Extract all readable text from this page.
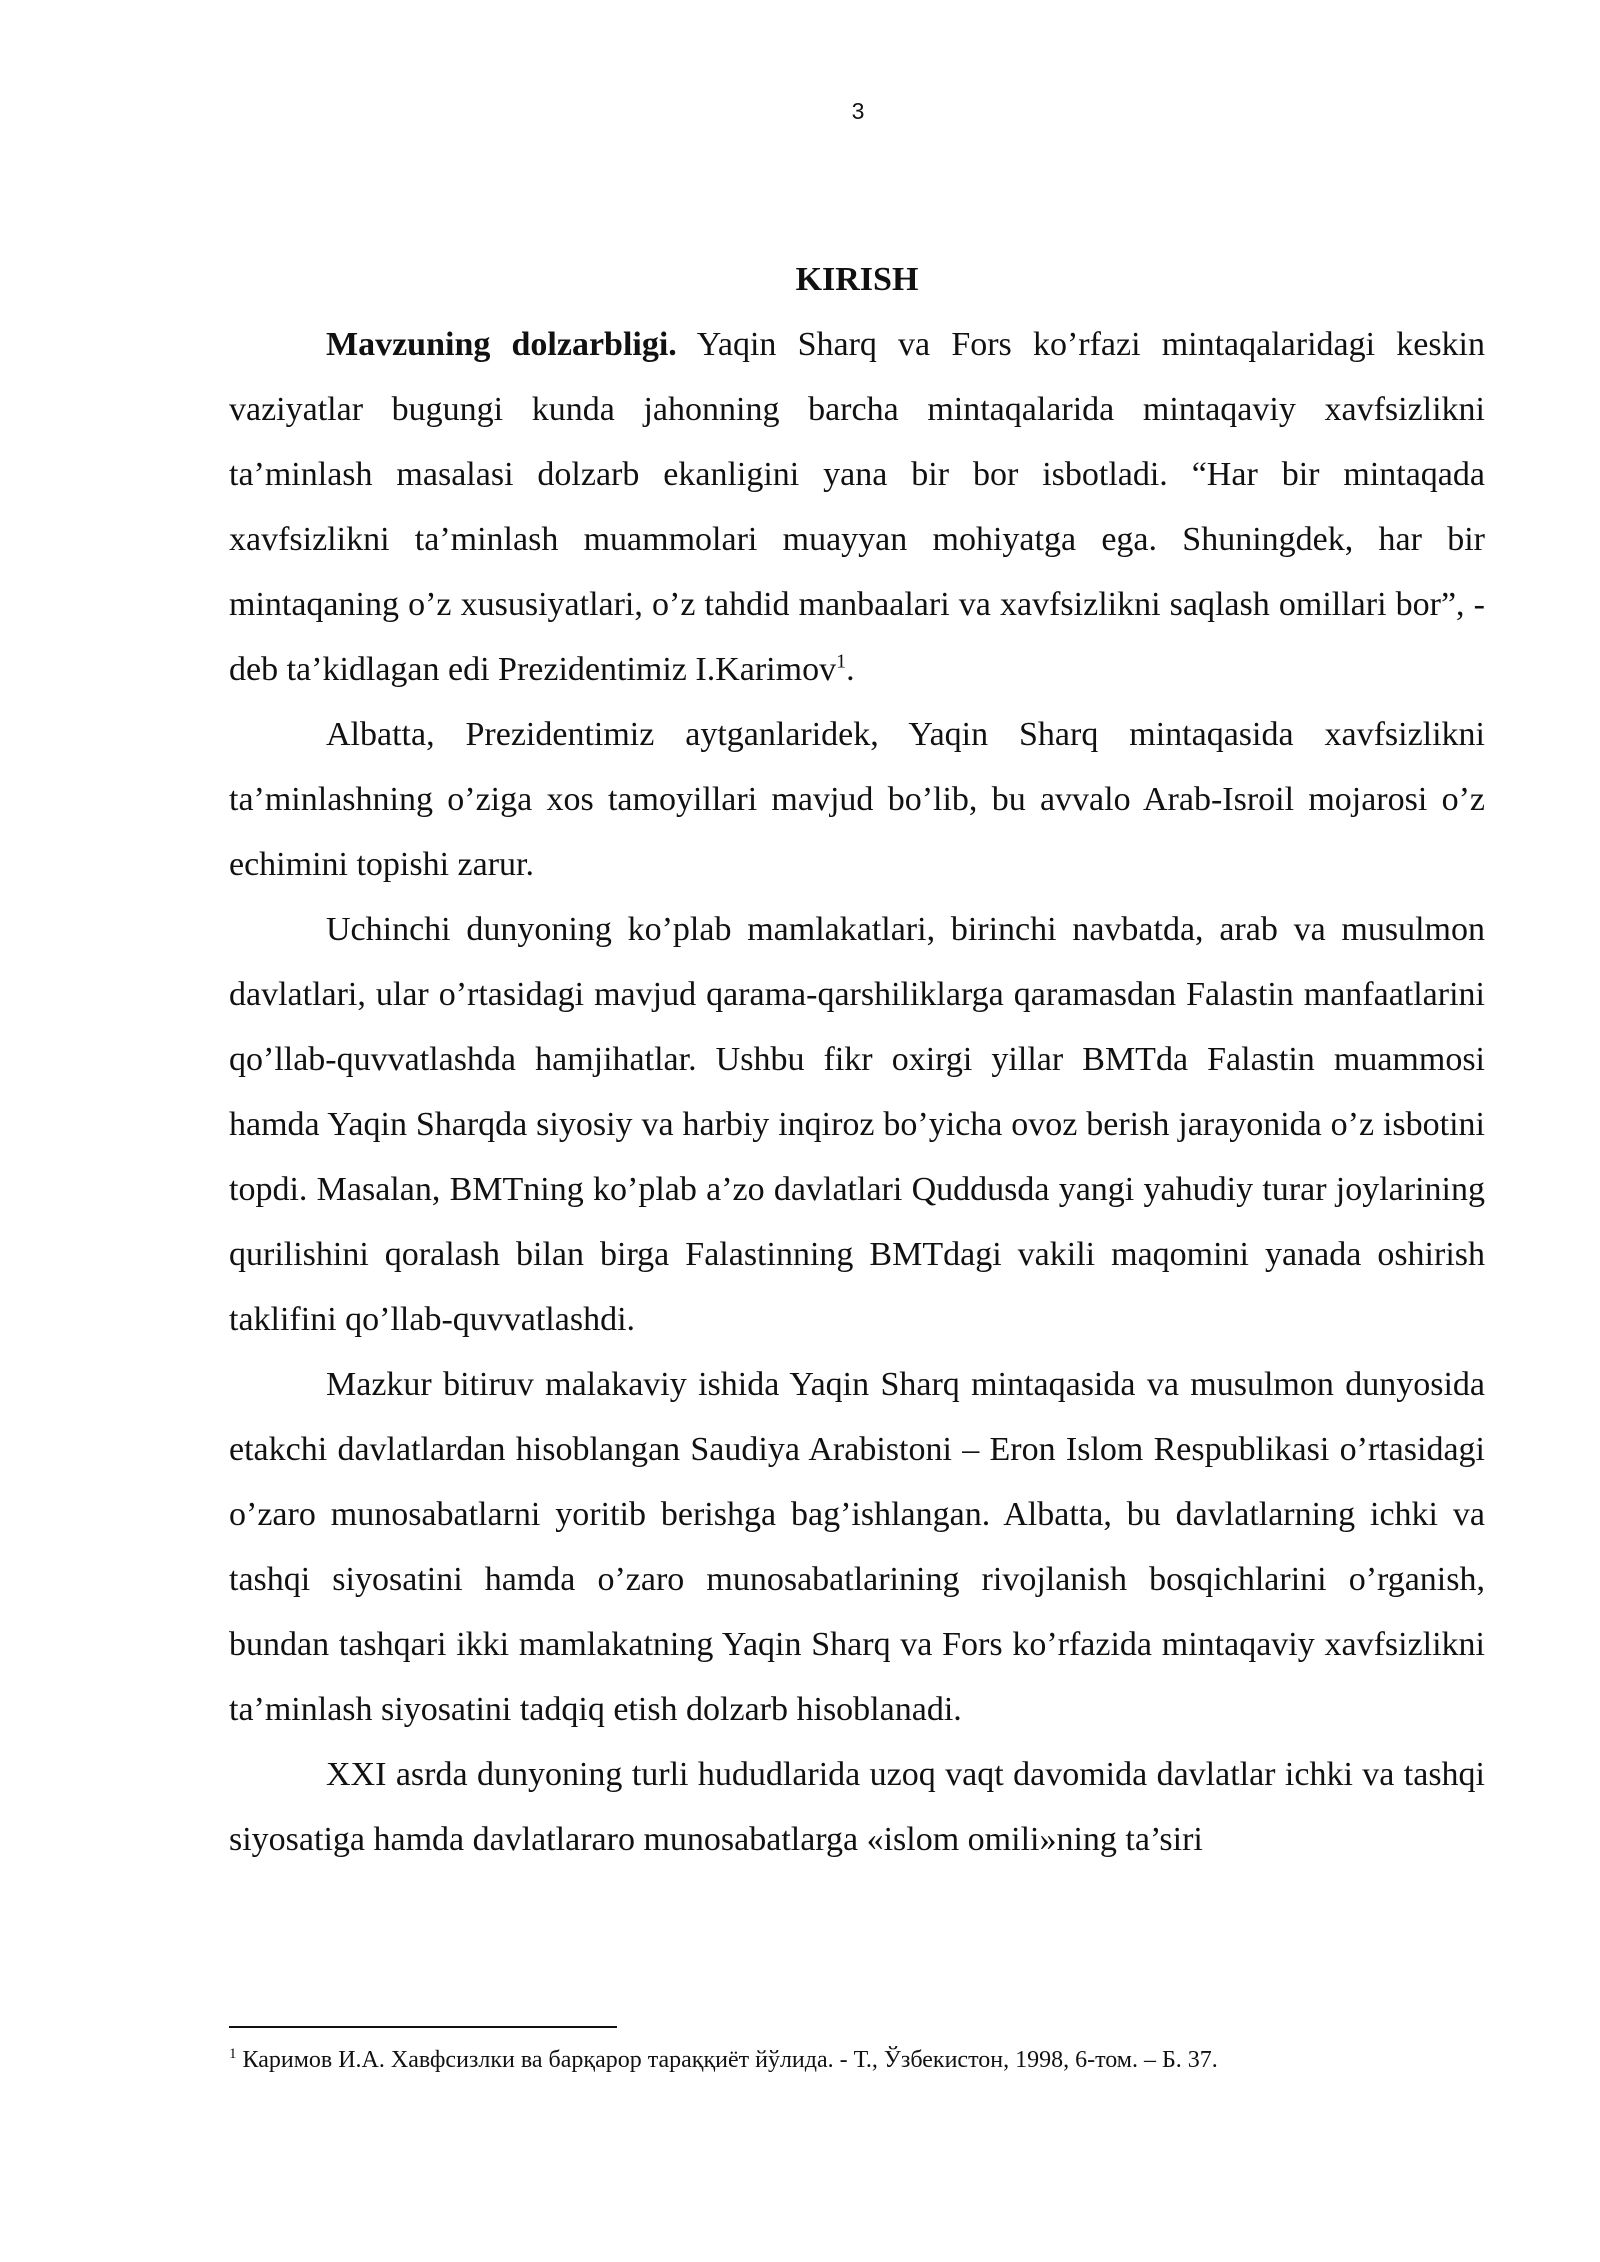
3
KIRISH

Mavzuning dolzarbligi. Yaqin Sharq va Fors ko’rfazi mintaqalaridagi keskin vaziyatlar bugungi kunda jahonning barcha mintaqalarida mintaqaviy xavfsizlikni ta’minlash masalasi dolzarb ekanligini yana bir bor isbotladi. “Har bir mintaqada xavfsizlikni ta’minlash muammolari muayyan mohiyatga ega. Shuningdek, har bir mintaqaning o’z xususiyatlari, o’z tahdid manbaalari va xavfsizlikni saqlash omillari bor”, - deb ta’kidlagan edi Prezidentimiz I.Karimov$^1$.

Albatta, Prezidentimiz aytganlaridek, Yaqin Sharq mintaqasida xavfsizlikni ta’minlashning o’ziga xos tamoyillari mavjud bo’lib, bu avvalo Arab-Isroil mojarosi o’z echimini topishi zarur.

Uchinchi dunyoning ko’plab mamlakatlari, birinchi navbatda, arab va musulmon davlatlari, ular o’rtasidagi mavjud qarama-qarshiliklarga qaramasdan Falastin manfaatlarini qo’llab-quvvatlashda hamjihatlar. Ushbu fikr oxirgi yillar BMTda Falastin muammosi hamda Yaqin Sharqda siyosiy va harbiy inqiroz bo’yicha ovoz berish jarayonida o’z isbotini topdi. Masalan, BMTning ko’plab a’zo davlatlari Quddusda yangi yahudiy turar joylarining qurilishini qoralash bilan birga Falastinning BMTdagi vakili maqomini yanada oshirish taklifini qo’llab-quvvatlashdi.

Mazkur bitiruv malakaviy ishida Yaqin Sharq mintaqasida va musulmon dunyosida etakchi davlatlardan hisoblangan Saudiya Arabistoni – Eron Islom Respublikasi o’rtasidagi o’zaro munosabatlarni yoritib berishga bag’ishlangan. Albatta, bu davlatlarning ichki va tashqi siyosatini hamda o’zaro munosabatlarining rivojlanish bosqichlarini o’rganish, bundan tashqari ikki mamlakatning Yaqin Sharq va Fors ko’rfazida mintaqaviy xavfsizlikni ta’minlash siyosatini tadqiq etish dolzarb hisoblanadi.

XXI asrda dunyoning turli hududlarida uzoq vaqt davomida davlatlar ichki va tashqi siyosatiga hamda davlatlararo munosabatlarga «islom omili»ning ta’siri

$^1$ Каримов И.А. Хавфсизлки ва барқарор тараққиёт йўлида. - Т., Ўзбекистон, 1998, 6-том. – Б. 37.
